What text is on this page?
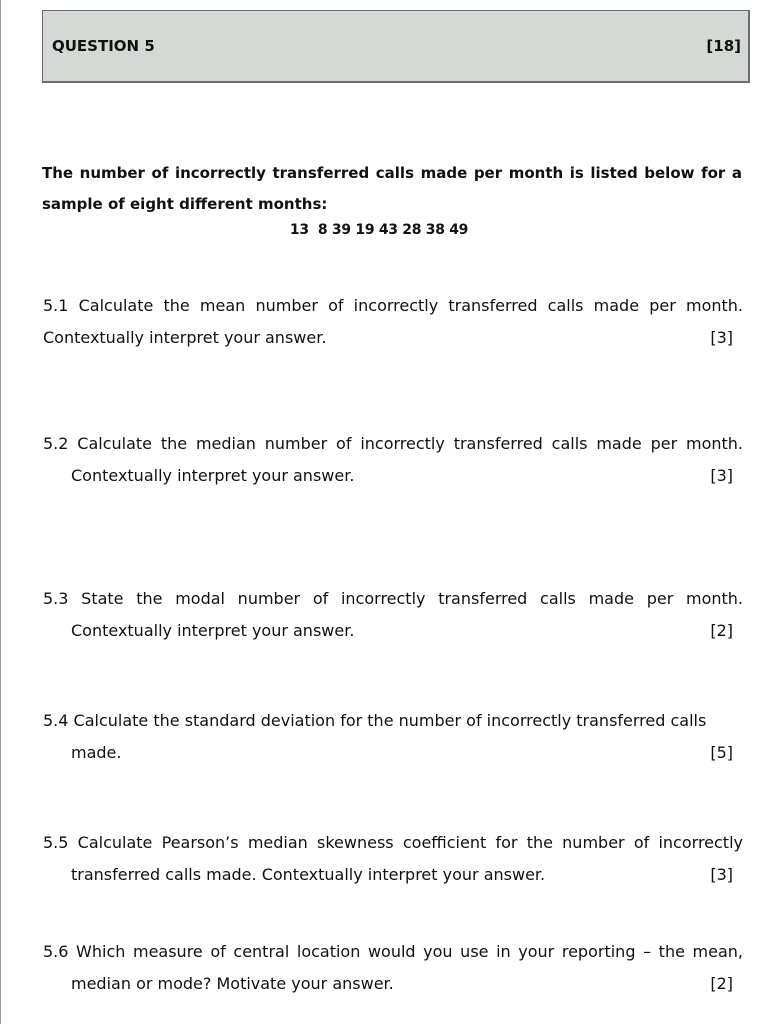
QUESTION 5	[18]
The number of incorrectly transferred calls made per month is listed below for a sample of eight different months:
13  8 39 19 43 28 38 49
5.1 Calculate the mean number of incorrectly transferred calls made per month.
Contextually interpret your answer.	[3]
5.2 Calculate the median number of incorrectly transferred calls made per month.
Contextually interpret your answer.	[3]
5.3 State the modal number of incorrectly transferred calls made per month.
Contextually interpret your answer.	[2]
5.4 Calculate the standard deviation for the number of incorrectly transferred calls
made.	[5]
5.5 Calculate Pearson’s median skewness coefficient for the number of incorrectly
transferred calls made. Contextually interpret your answer.	[3]
5.6 Which measure of central location would you use in your reporting – the mean,
median or mode? Motivate your answer.	[2]
